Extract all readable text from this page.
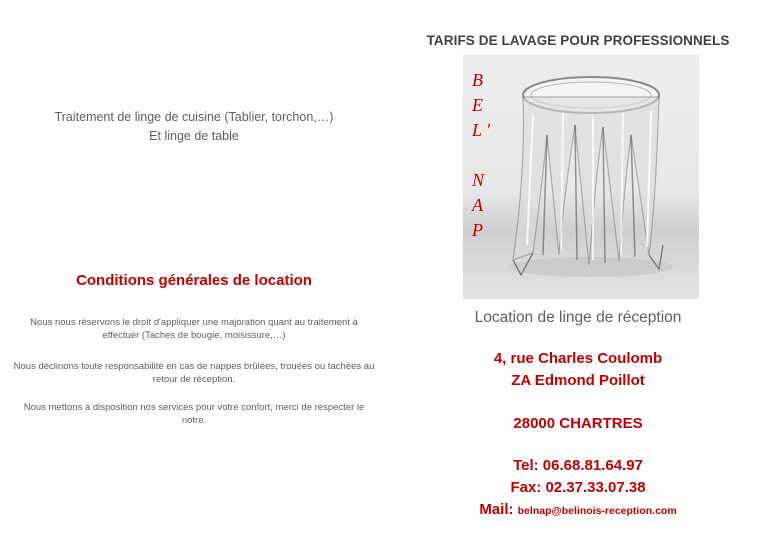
Traitement de linge de cuisine (Tablier, torchon,…)
Et linge de table
Conditions générales de location
Nous nous réservons le droit d'appliquer une majoration quant au traitement à effectuer (Taches de bougie, moisissure,…)
Nous déclinons toute responsabilité en cas de nappes brûlées, trouées ou tachées au retour de réception.
Nous mettons à disposition nos services pour votre confort, merci de respecter le notre.
TARIFS DE LAVAGE POUR PROFESSIONNELS
B
E
L '
N
A
P
Location de linge de réception
4, rue Charles Coulomb
ZA Edmond Poillot
28000 CHARTRES
Tel: 06.68.81.64.97
Fax: 02.37.33.07.38
Mail: belnap@belinois-reception.com
